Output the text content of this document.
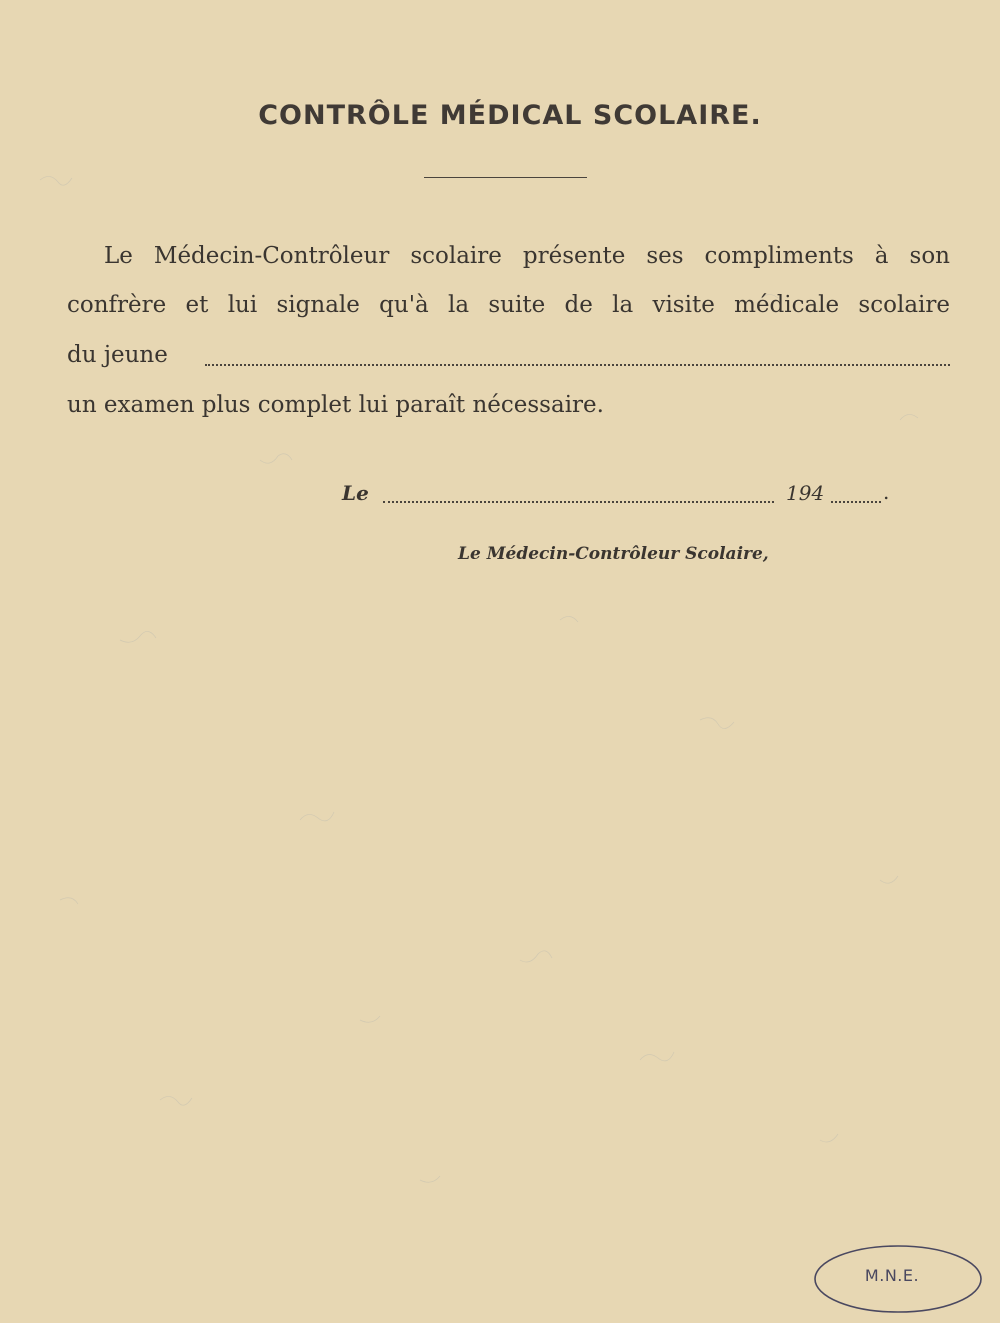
CONTRÔLE MÉDICAL SCOLAIRE.
Le Médecin-Contrôleur scolaire présente ses compliments à son
confrère et lui signale qu'à la suite de la visite médicale scolaire
du jeune
un examen plus complet lui paraît nécessaire.
Le	194	.
Le Médecin-Contrôleur Scolaire,
M.N.E.
